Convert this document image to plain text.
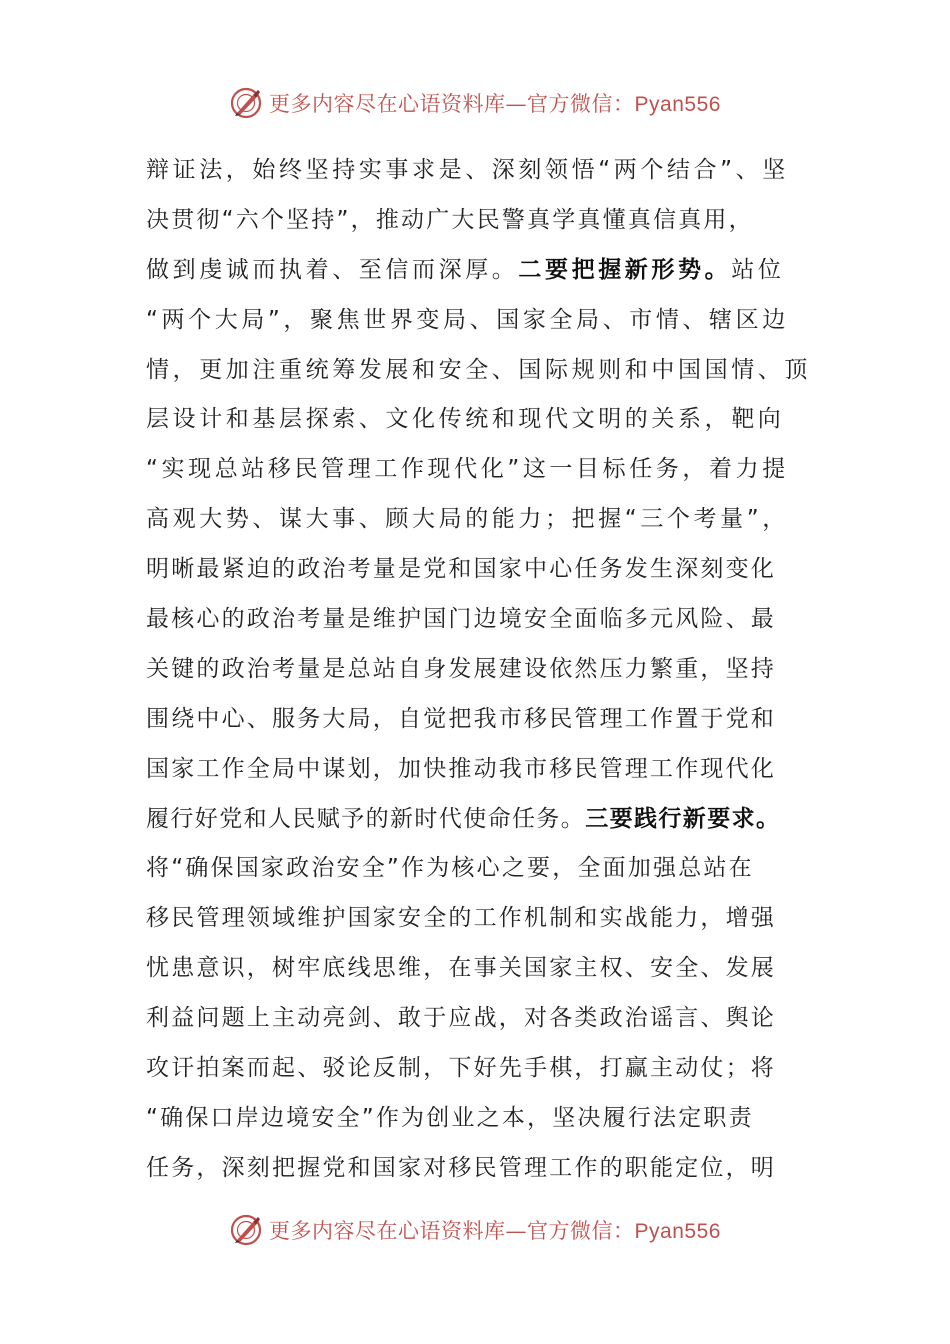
更多内容尽在心语资料库—官方微信：Pyan556
辩证法，始终坚持实事求是、深刻领悟“两个结合”、坚
决贯彻“六个坚持”，推动广大民警真学真懂真信真用，
做到虔诚而执着、至信而深厚。二要把握新形势。站位
“两个大局”，聚焦世界变局、国家全局、市情、辖区边
情，更加注重统筹发展和安全、国际规则和中国国情、顶
层设计和基层探索、文化传统和现代文明的关系，靶向
“实现总站移民管理工作现代化”这一目标任务，着力提
高观大势、谋大事、顾大局的能力；把握“三个考量”，
明晰最紧迫的政治考量是党和国家中心任务发生深刻变化
最核心的政治考量是维护国门边境安全面临多元风险、最
关键的政治考量是总站自身发展建设依然压力繁重，坚持
围绕中心、服务大局，自觉把我市移民管理工作置于党和
国家工作全局中谋划，加快推动我市移民管理工作现代化
履行好党和人民赋予的新时代使命任务。三要践行新要求。
将“确保国家政治安全”作为核心之要，全面加强总站在
移民管理领域维护国家安全的工作机制和实战能力，增强
忧患意识，树牢底线思维，在事关国家主权、安全、发展
利益问题上主动亮剑、敢于应战，对各类政治谣言、舆论
攻讦拍案而起、驳论反制，下好先手棋，打赢主动仗；将
“确保口岸边境安全”作为创业之本，坚决履行法定职责
任务，深刻把握党和国家对移民管理工作的职能定位，明
更多内容尽在心语资料库—官方微信：Pyan556
